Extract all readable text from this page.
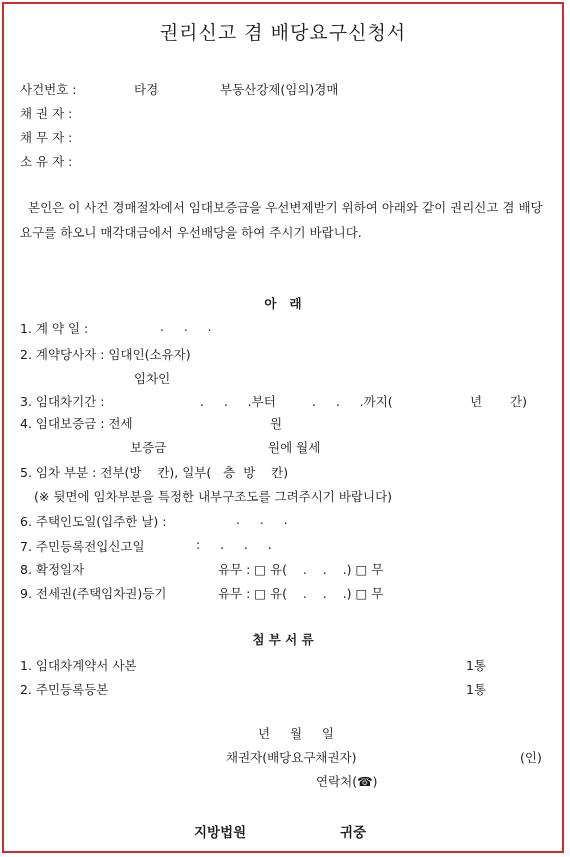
권리신고 겸 배당요구신청서
사건번호 :	타경	부동산강제(임의)경매
채 권 자 :
채 무 자 :
소 유 자 :
본인은 이 사건 경매절차에서 임대보증금을 우선변제받기 위하여 아래와 같이 권리신고 겸 배당요구를 하오니 매각대금에서 우선배당을 하여 주시기 바랍니다.
아   래
1. 계 약 일 :	.     .     .
2. 계약당사자 : 임대인(소유자)
임차인
3. 임대차기간 :	.     .     .부터	.     .     .까지(	년 간)
4. 임대보증금 : 전세	원
보증금	원에 월세
5. 임차 부분 : 전부(방    칸), 일부(   층  방    칸)
(※ 뒷면에 임차부분을 특정한 내부구조도를 그려주시기 바랍니다)
6. 주택인도일(입주한 날) :	.     .     .
7. 주민등록전입신고일	:     .     .     .
8. 확정일자	유무 : □ 유(    .    .    .) □ 무
9. 전세권(주택임차권)등기	유무 : □ 유(    .    .    .) □ 무
첨 부 서 류
1. 임대차계약서 사본	1통
2. 주민등록등본	1통
년     월     일
채권자(배당요구채권자)	(인)
연락처(☎)
지방법원	귀중
